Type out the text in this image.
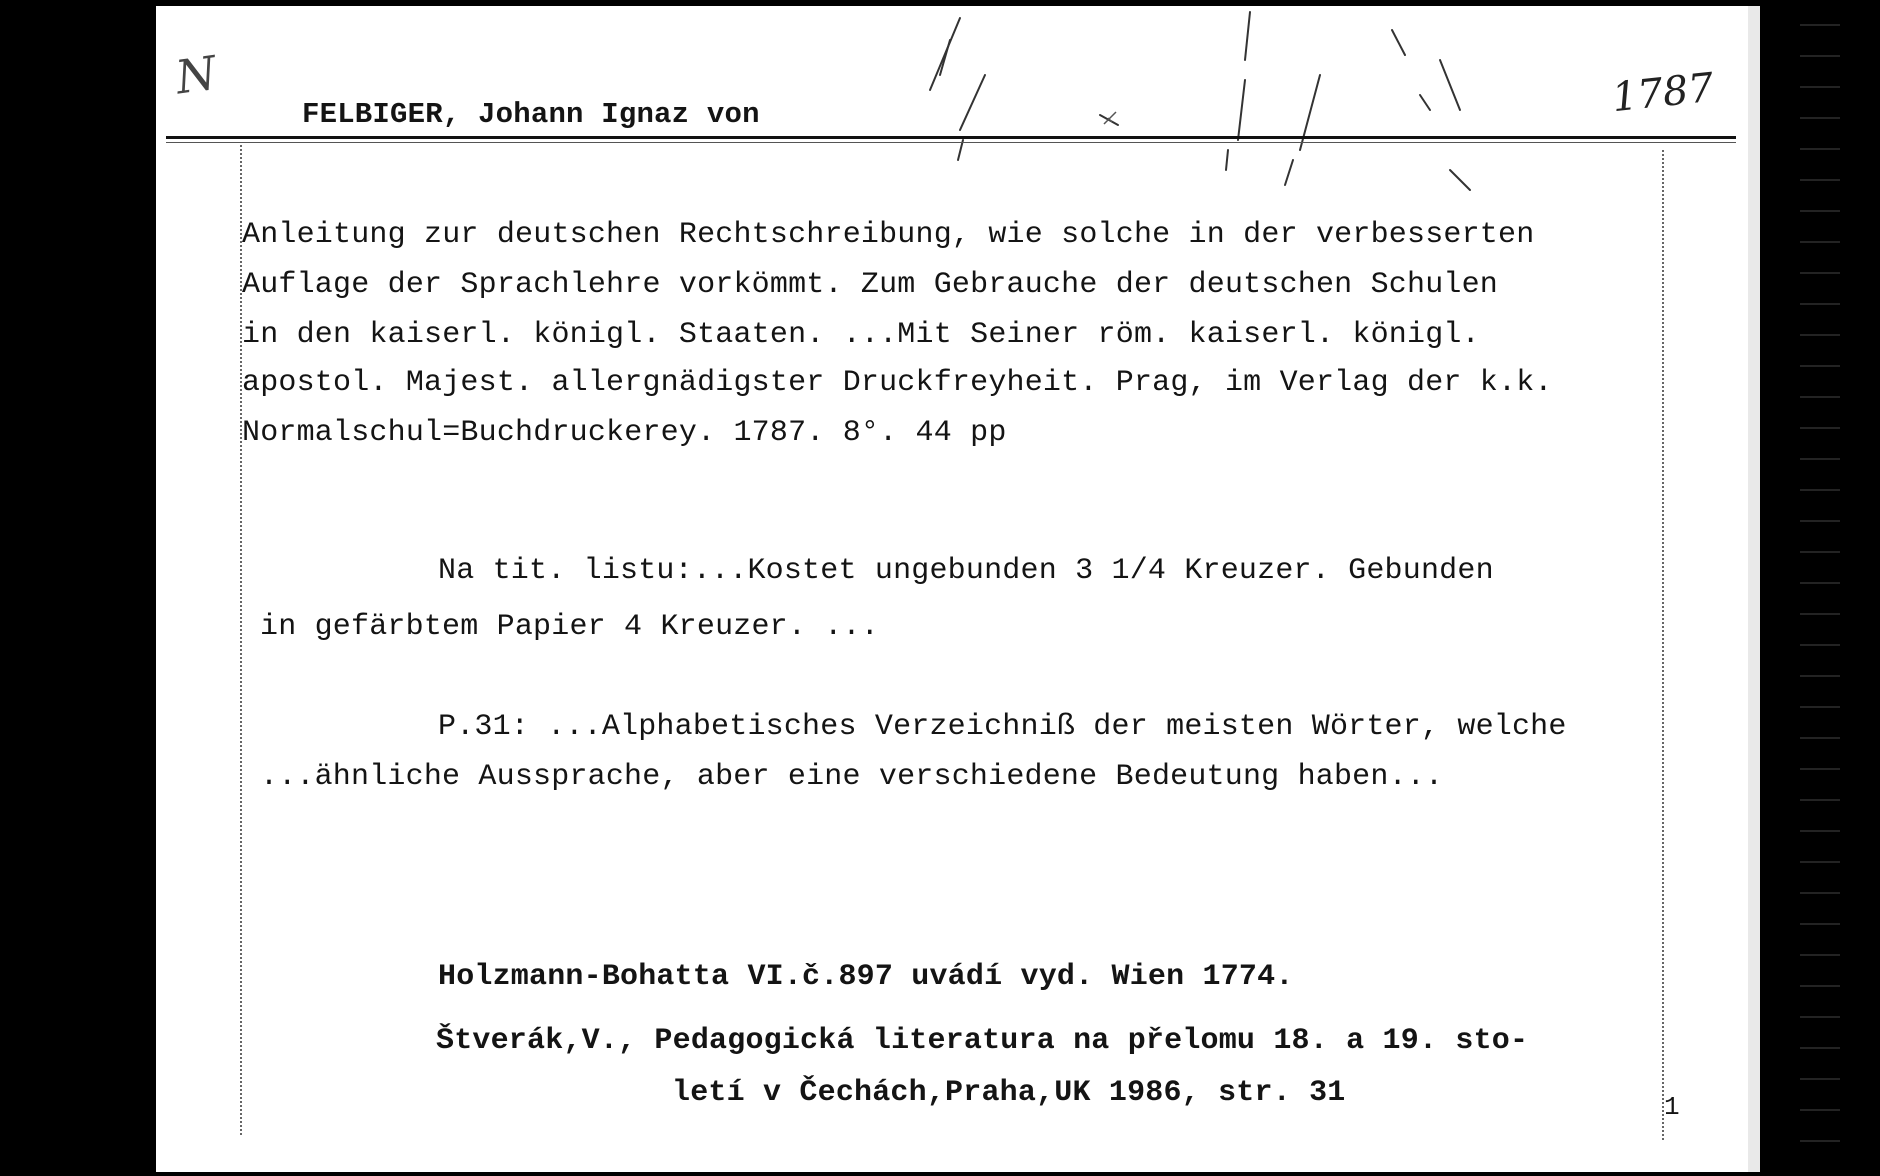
N	1787

FELBIGER, Johann Ignaz von

Anleitung zur deutschen Rechtschreibung, wie solche in der verbesserten

Auflage der Sprachlehre vorkömmt. Zum Gebrauche der deutschen Schulen

in den kaiserl. königl. Staaten. ...Mit Seiner röm. kaiserl. königl.

apostol. Majest. allergnädigster Druckfreyheit. Prag, im Verlag der k.k.

Normalschul=Buchdruckerey. 1787. 8°. 44 pp

Na tit. listu:...Kostet ungebunden 3 1/4 Kreuzer. Gebunden

in gefärbtem Papier 4 Kreuzer. ...

P.31: ...Alphabetisches Verzeichniß der meisten Wörter, welche

...ähnliche Aussprache, aber eine verschiedene Bedeutung haben...

Holzmann-Bohatta VI.č.897 uvádí vyd. Wien 1774.

Štverák,V., Pedagogická literatura na přelomu 18. a 19. sto-

letí v Čechách,Praha,UK 1986, str. 31	1
